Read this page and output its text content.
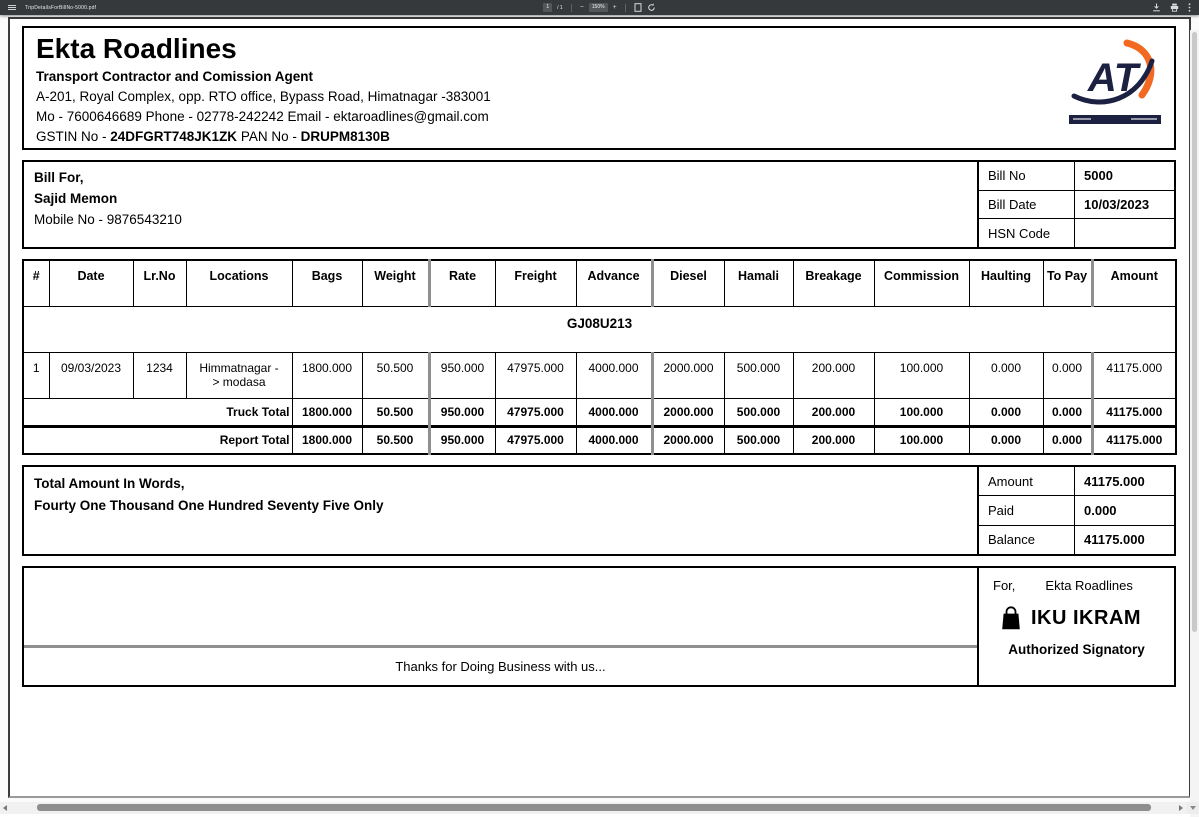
TripDetailsForBillNo-5000.pdf	1	/ 1 −	150%	+
Ekta Roadlines
Transport Contractor and Comission Agent
A-201, Royal Complex, opp. RTO office, Bypass Road, Himatnagar -383001
Mo - 7600646689 Phone - 02778-242242 Email - ektaroadlines@gmail.com
GSTIN No - 24DFGRT748JK1ZK PAN No - DRUPM8130B
AT
Bill For,
Sajid Memon
Mobile No - 9876543210
Bill No	5000
Bill Date	10/03/2023
HSN Code
#	Date	Lr.No	Locations	Bags	Weight	Rate	Freight	Advance	Diesel	Hamali	Breakage	Commission	Haulting	To Pay	Amount
GJ08U213															
1	09/03/2023	1234	Himmatnagar -> modasa	1800.000	50.500	950.000	47975.000	4000.000	2000.000	500.000	200.000	100.000	0.000	0.000	41175.000
Truck Total				1800.000	50.500	950.000	47975.000	4000.000	2000.000	500.000	200.000	100.000	0.000	0.000	41175.000
Report Total				1800.000	50.500	950.000	47975.000	4000.000	2000.000	500.000	200.000	100.000	0.000	0.000	41175.000
Total Amount In Words,
Fourty One Thousand One Hundred Seventy Five Only
Amount	41175.000
Paid	0.000
Balance	41175.000
Thanks for Doing Business with us...
For, Ekta Roadlines
IKU IKRAM
Authorized Signatory
